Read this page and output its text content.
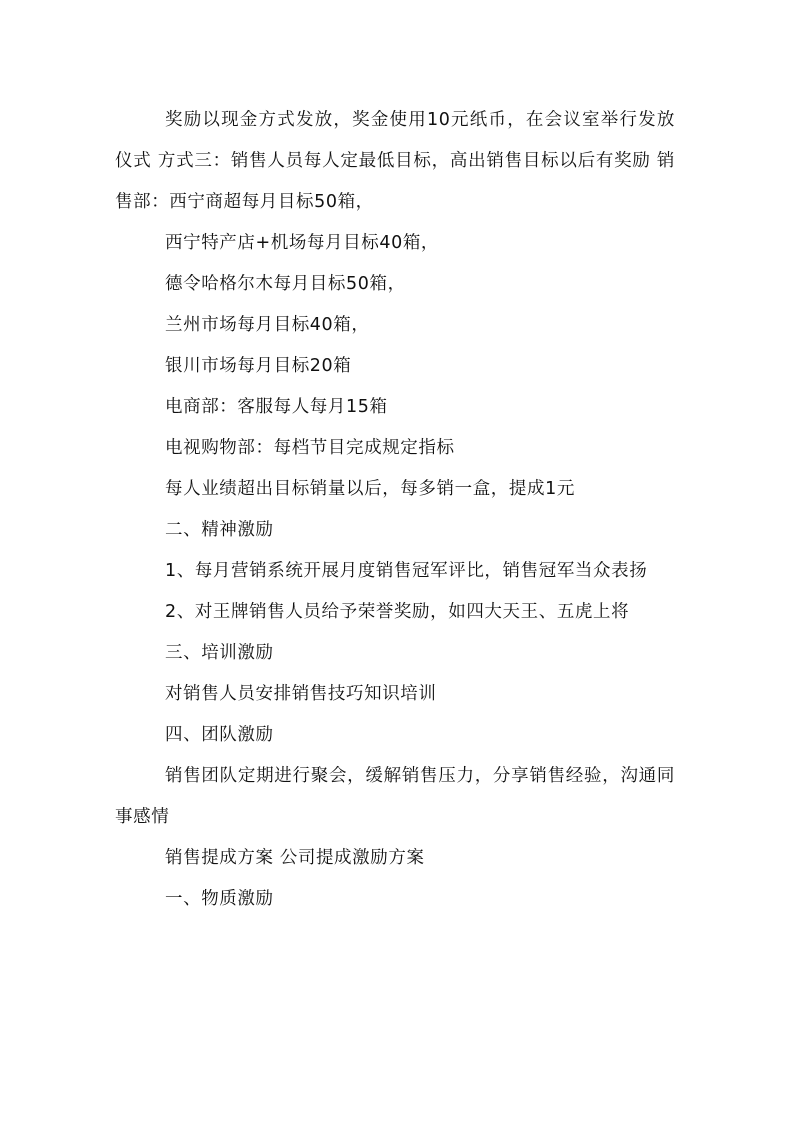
奖励以现金方式发放，奖金使用10元纸币，在会议室举行发放仪式 方式三：销售人员每人定最低目标，高出销售目标以后有奖励 销售部：西宁商超每月目标50箱，

西宁特产店+机场每月目标40箱，

德令哈格尔木每月目标50箱，

兰州市场每月目标40箱，

银川市场每月目标20箱

电商部：客服每人每月15箱

电视购物部：每档节目完成规定指标

每人业绩超出目标销量以后，每多销一盒，提成1元

二、精神激励

1、每月营销系统开展月度销售冠军评比，销售冠军当众表扬

2、对王牌销售人员给予荣誉奖励，如四大天王、五虎上将

三、培训激励

对销售人员安排销售技巧知识培训

四、团队激励

销售团队定期进行聚会，缓解销售压力，分享销售经验，沟通同事感情

销售提成方案 公司提成激励方案

一、物质激励
